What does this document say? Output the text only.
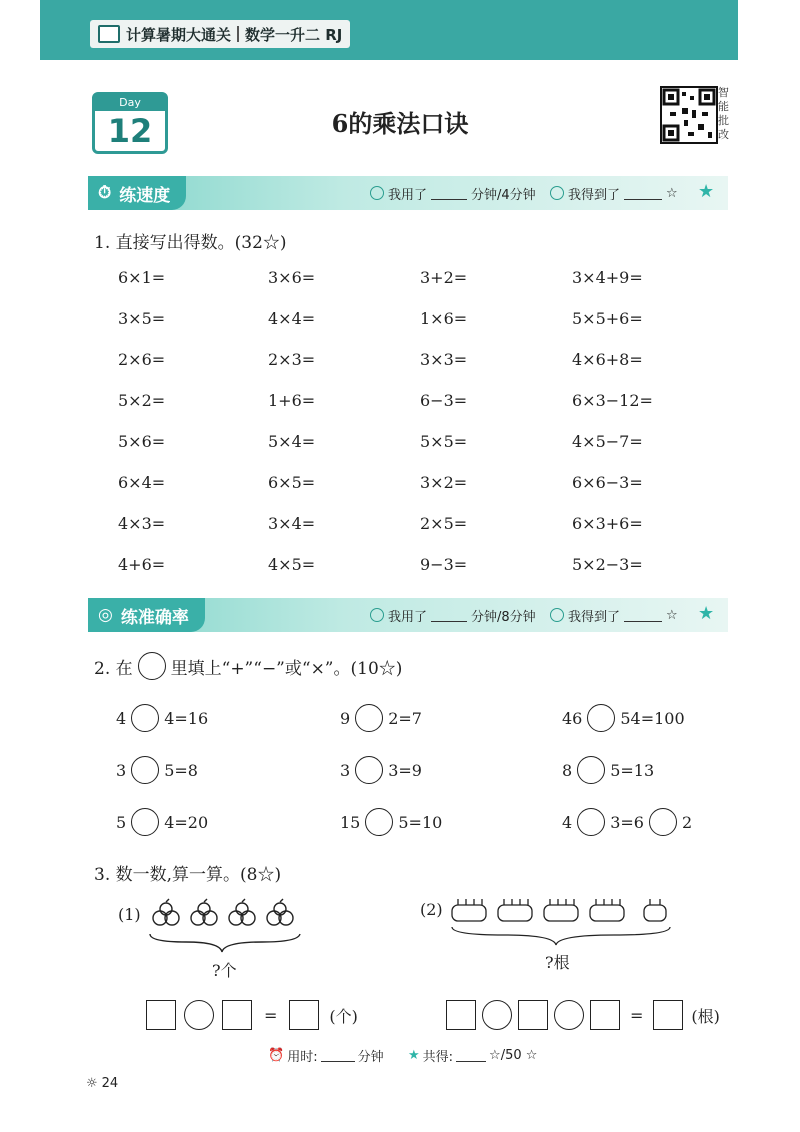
计算暑期大通关 数学一升二 RJ
Day
12	6的乘法口诀
智能批改
⏱ 练速度	我用了	分钟/4分钟 我得到了	☆ ★
1. 直接写出得数。(32☆)
6×1=	3×6=	3+2=	3×4+9=
3×5=	4×4=	1×6=	5×5+6=
2×6=	2×3=	3×3=	4×6+8=
5×2=	1+6=	6−3=	6×3−12=
5×6=	5×4=	5×5=	4×5−7=
6×4=	6×5=	3×2=	6×6−3=
4×3=	3×4=	2×5=	6×3+6=
4+6=	4×5=	9−3=	5×2−3=
◎ 练准确率	我用了	分钟/8分钟 我得到了	☆ ★
2. 在 里填上“+”“−”或“×”。(10☆)
4 4=16	9 2=7	46 54=100
3 5=8	3 3=9	8 5=13
5 4=20	15 5=10	4 3=6 2
3. 数一数,算一算。(8☆)
(1)
?个
(2)
?根
=	(个)	=	(根)
⏰ 用时:	分钟 ★ 共得:	☆/50 ☆
☼ 24
